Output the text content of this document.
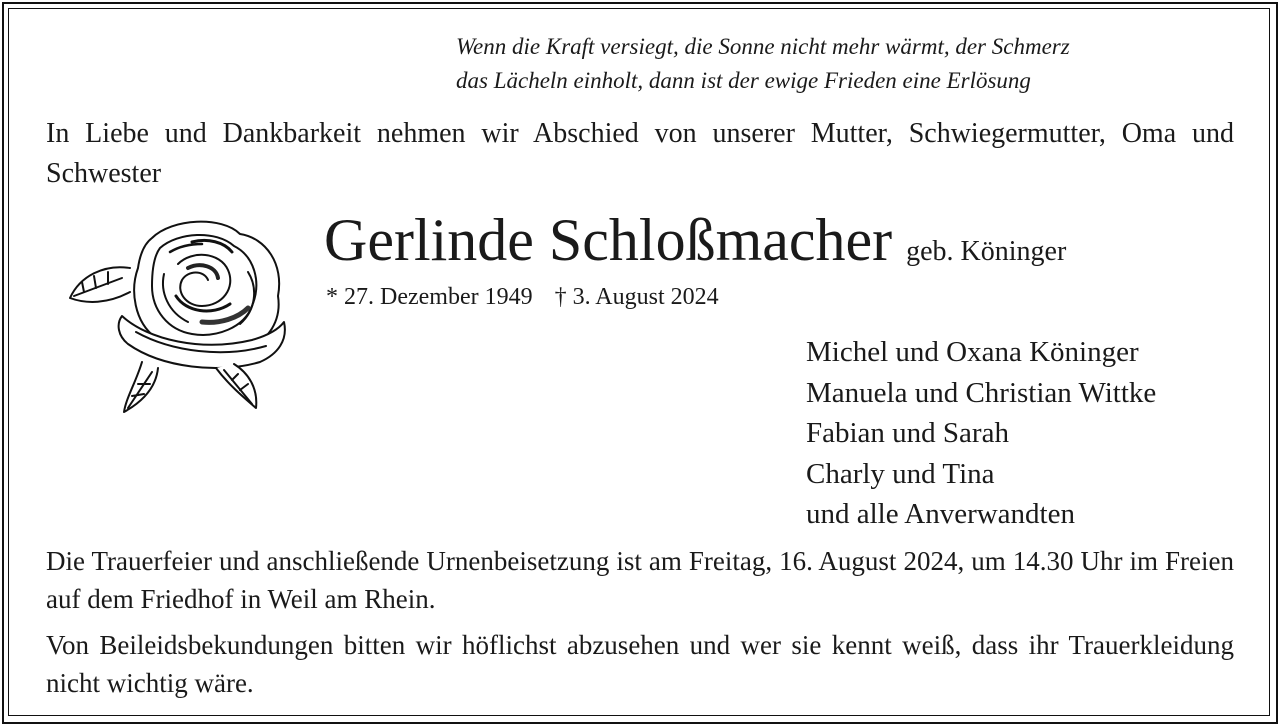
Wenn die Kraft versiegt, die Sonne nicht mehr wärmt, der Schmerz
das Lächeln einholt, dann ist der ewige Frieden eine Erlösung
In Liebe und Dankbarkeit nehmen wir Abschied von unserer Mutter, Schwiegermutter, Oma und Schwester
Gerlinde Schloßmacher geb. Köninger
* 27. Dezember 1949 † 3. August 2024
Michel und Oxana Köninger
Manuela und Christian Wittke
Fabian und Sarah
Charly und Tina
und alle Anverwandten
Die Trauerfeier und anschließende Urnenbeisetzung ist am Freitag, 16. August 2024, um 14.30 Uhr im Freien auf dem Friedhof in Weil am Rhein.
Von Beileidsbekundungen bitten wir höflichst abzusehen und wer sie kennt weiß, dass ihr Trauerkleidung nicht wichtig wäre.
